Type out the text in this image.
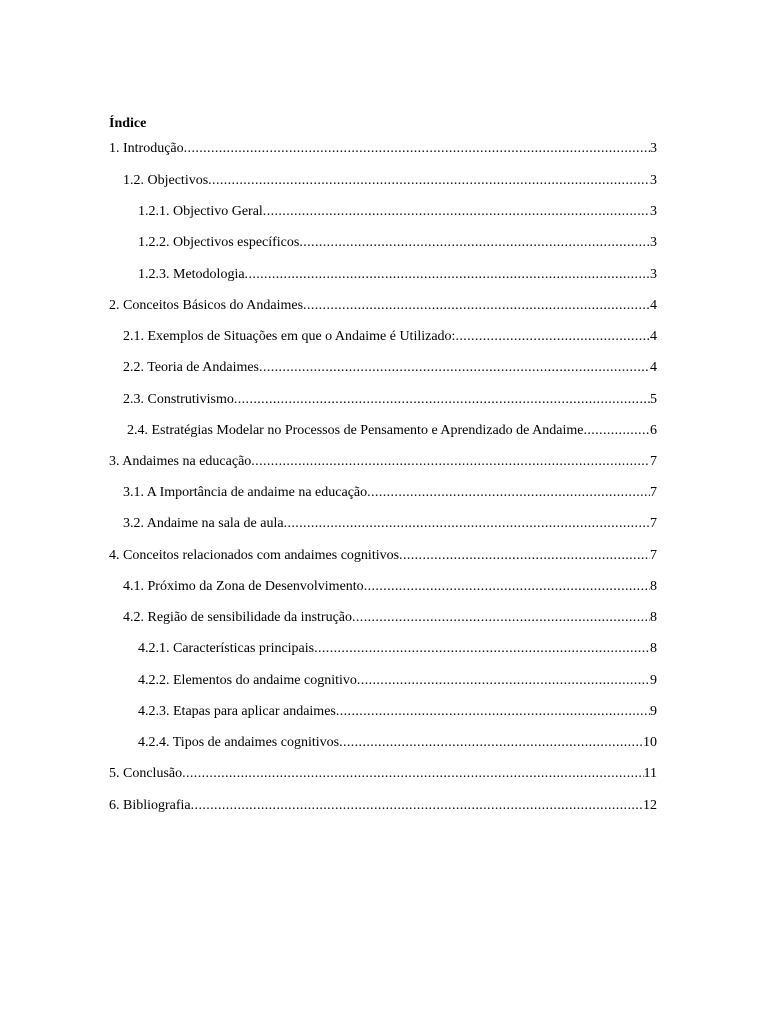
Índice
1. Introdução .....	3
1.2. Objectivos .....	3
1.2.1. Objectivo Geral .....	3
1.2.2. Objectivos específicos .....	3
1.2.3. Metodologia .....	3
2. Conceitos Básicos do Andaimes .....	4
2.1. Exemplos de Situações em que o Andaime é Utilizado: .....	4
2.2. Teoria de Andaimes .....	4
2.3. Construtivismo .....	5
2.4. Estratégias Modelar no Processos de Pensamento e Aprendizado de Andaime .....	6
3. Andaimes na educação .....	7
3.1. A Importância de andaime na educação .....	7
3.2. Andaime na sala de aula .....	7
4. Conceitos relacionados com andaimes cognitivos .....	7
4.1. Próximo da Zona de Desenvolvimento .....	8
4.2. Região de sensibilidade da instrução .....	8
4.2.1. Características principais .....	8
4.2.2. Elementos do andaime cognitivo .....	9
4.2.3. Etapas para aplicar andaimes .....	9
4.2.4. Tipos de andaimes cognitivos .....	10
5. Conclusão .....	11
6. Bibliografia .....	12
